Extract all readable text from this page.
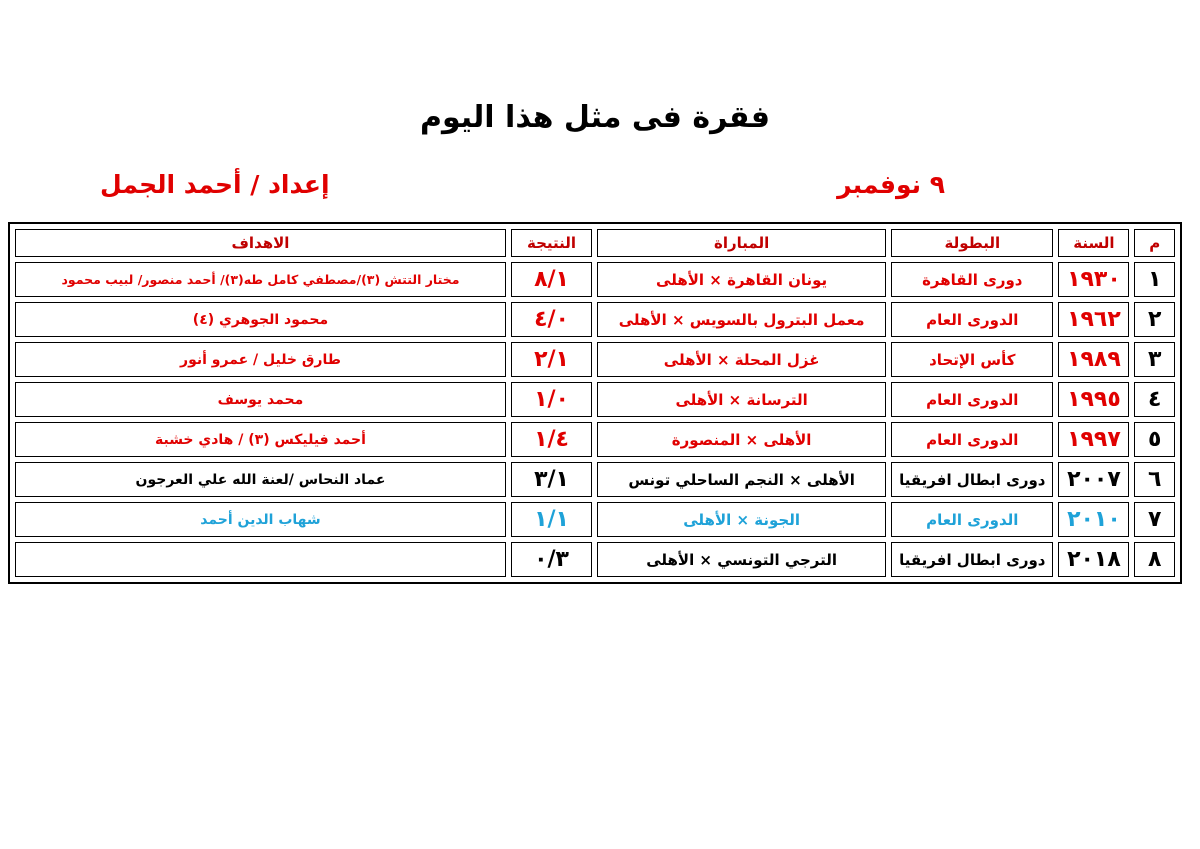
فقرة فى مثل هذا اليوم
٩ نوفمبر
إعداد / أحمد الجمل
م	السنة	البطولة	المباراة	النتيجة	الاهداف
١	١٩٣٠	دورى القاهرة	يونان القاهرة × الأهلى	٨/١	مختار التتش (٣)/مصطفي كامل طه(٣)/ أحمد منصور/ لبيب محمود
٢	١٩٦٢	الدورى العام	معمل البترول بالسويس × الأهلى	٤/٠	محمود الجوهري (٤)
٣	١٩٨٩	كأس الإتحاد	غزل المحلة × الأهلى	٢/١	طارق خليل / عمرو أنور
٤	١٩٩٥	الدورى العام	الترسانة × الأهلى	١/٠	محمد يوسف
٥	١٩٩٧	الدورى العام	الأهلى × المنصورة	١/٤	أحمد فيليكس (٣) / هادي خشبة
٦	٢٠٠٧	دورى ابطال افريقيا	الأهلى × النجم الساحلي تونس	٣/١	عماد النحاس /لعنة الله علي العرجون
٧	٢٠١٠	الدورى العام	الجونة × الأهلى	١/١	شهاب الدين أحمد
٨	٢٠١٨	دورى ابطال افريقيا	الترجي التونسي × الأهلى	٠/٣	
